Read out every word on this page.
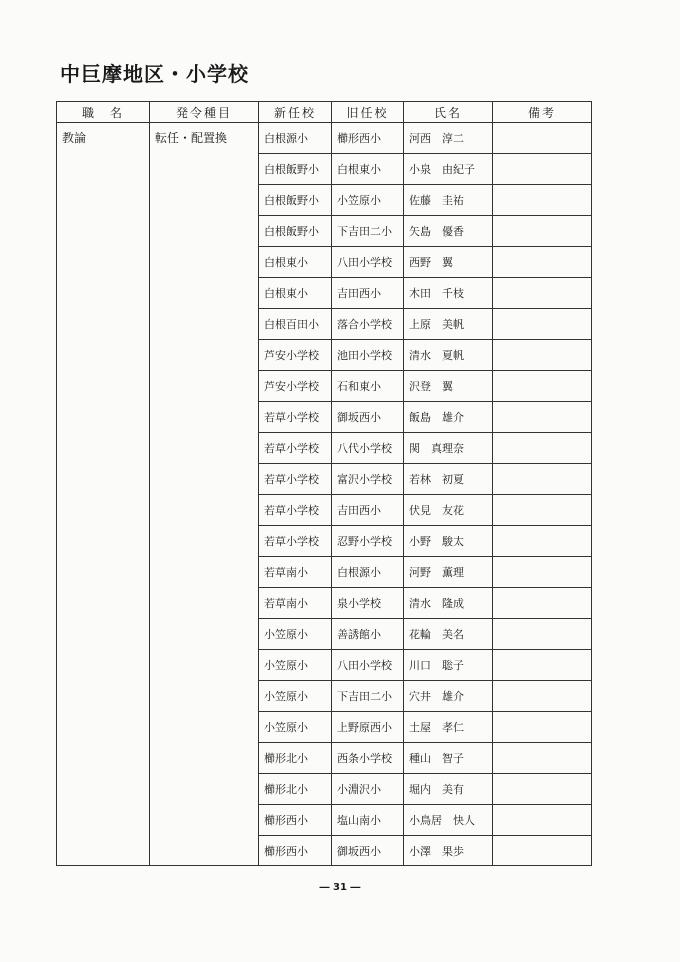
中巨摩地区・小学校
職　名	発令種目	新任校	旧任校	氏名	備考
教論	転任・配置換	白根源小	櫛形西小	河西　淳二	
		白根飯野小	白根東小	小泉　由紀子	
		白根飯野小	小笠原小	佐藤　圭祐	
		白根飯野小	下吉田二小	矢島　優香	
		白根東小	八田小学校	西野　翼	
		白根東小	吉田西小	木田　千枝	
		白根百田小	落合小学校	上原　美帆	
		芦安小学校	池田小学校	清水　夏帆	
		芦安小学校	石和東小	沢登　翼	
		若草小学校	御坂西小	飯島　雄介	
		若草小学校	八代小学校	関　真理奈	
		若草小学校	富沢小学校	若林　初夏	
		若草小学校	吉田西小	伏見　友花	
		若草小学校	忍野小学校	小野　駿太	
		若草南小	白根源小	河野　薫理	
		若草南小	泉小学校	清水　隆成	
		小笠原小	善誘館小	花輪　美名	
		小笠原小	八田小学校	川口　聡子	
		小笠原小	下吉田二小	穴井　雄介	
		小笠原小	上野原西小	土屋　孝仁	
		櫛形北小	西条小学校	種山　智子	
		櫛形北小	小淵沢小	堀内　美有	
		櫛形西小	塩山南小	小鳥居　快人	
		櫛形西小	御坂西小	小澤　果歩	
― 31 ―
